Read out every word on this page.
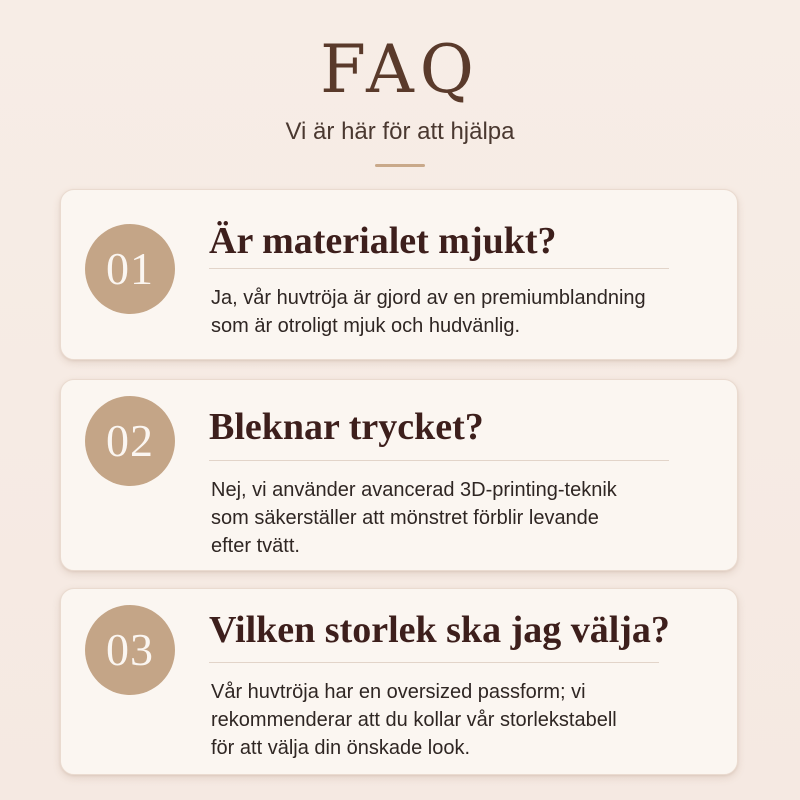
FAQ
Vi är här för att hjälpa
01
Är materialet mjukt?
Ja, vår huvtröja är gjord av en premiumblandning
som är otroligt mjuk och hudvänlig.
02	Bleknar trycket?
Nej, vi använder avancerad 3D-printing-teknik
som säkerställer att mönstret förblir levande
efter tvätt.
03	Vilken storlek ska jag välja?
Vår huvtröja har en oversized passform; vi
rekommenderar att du kollar vår storlekstabell
för att välja din önskade look.
